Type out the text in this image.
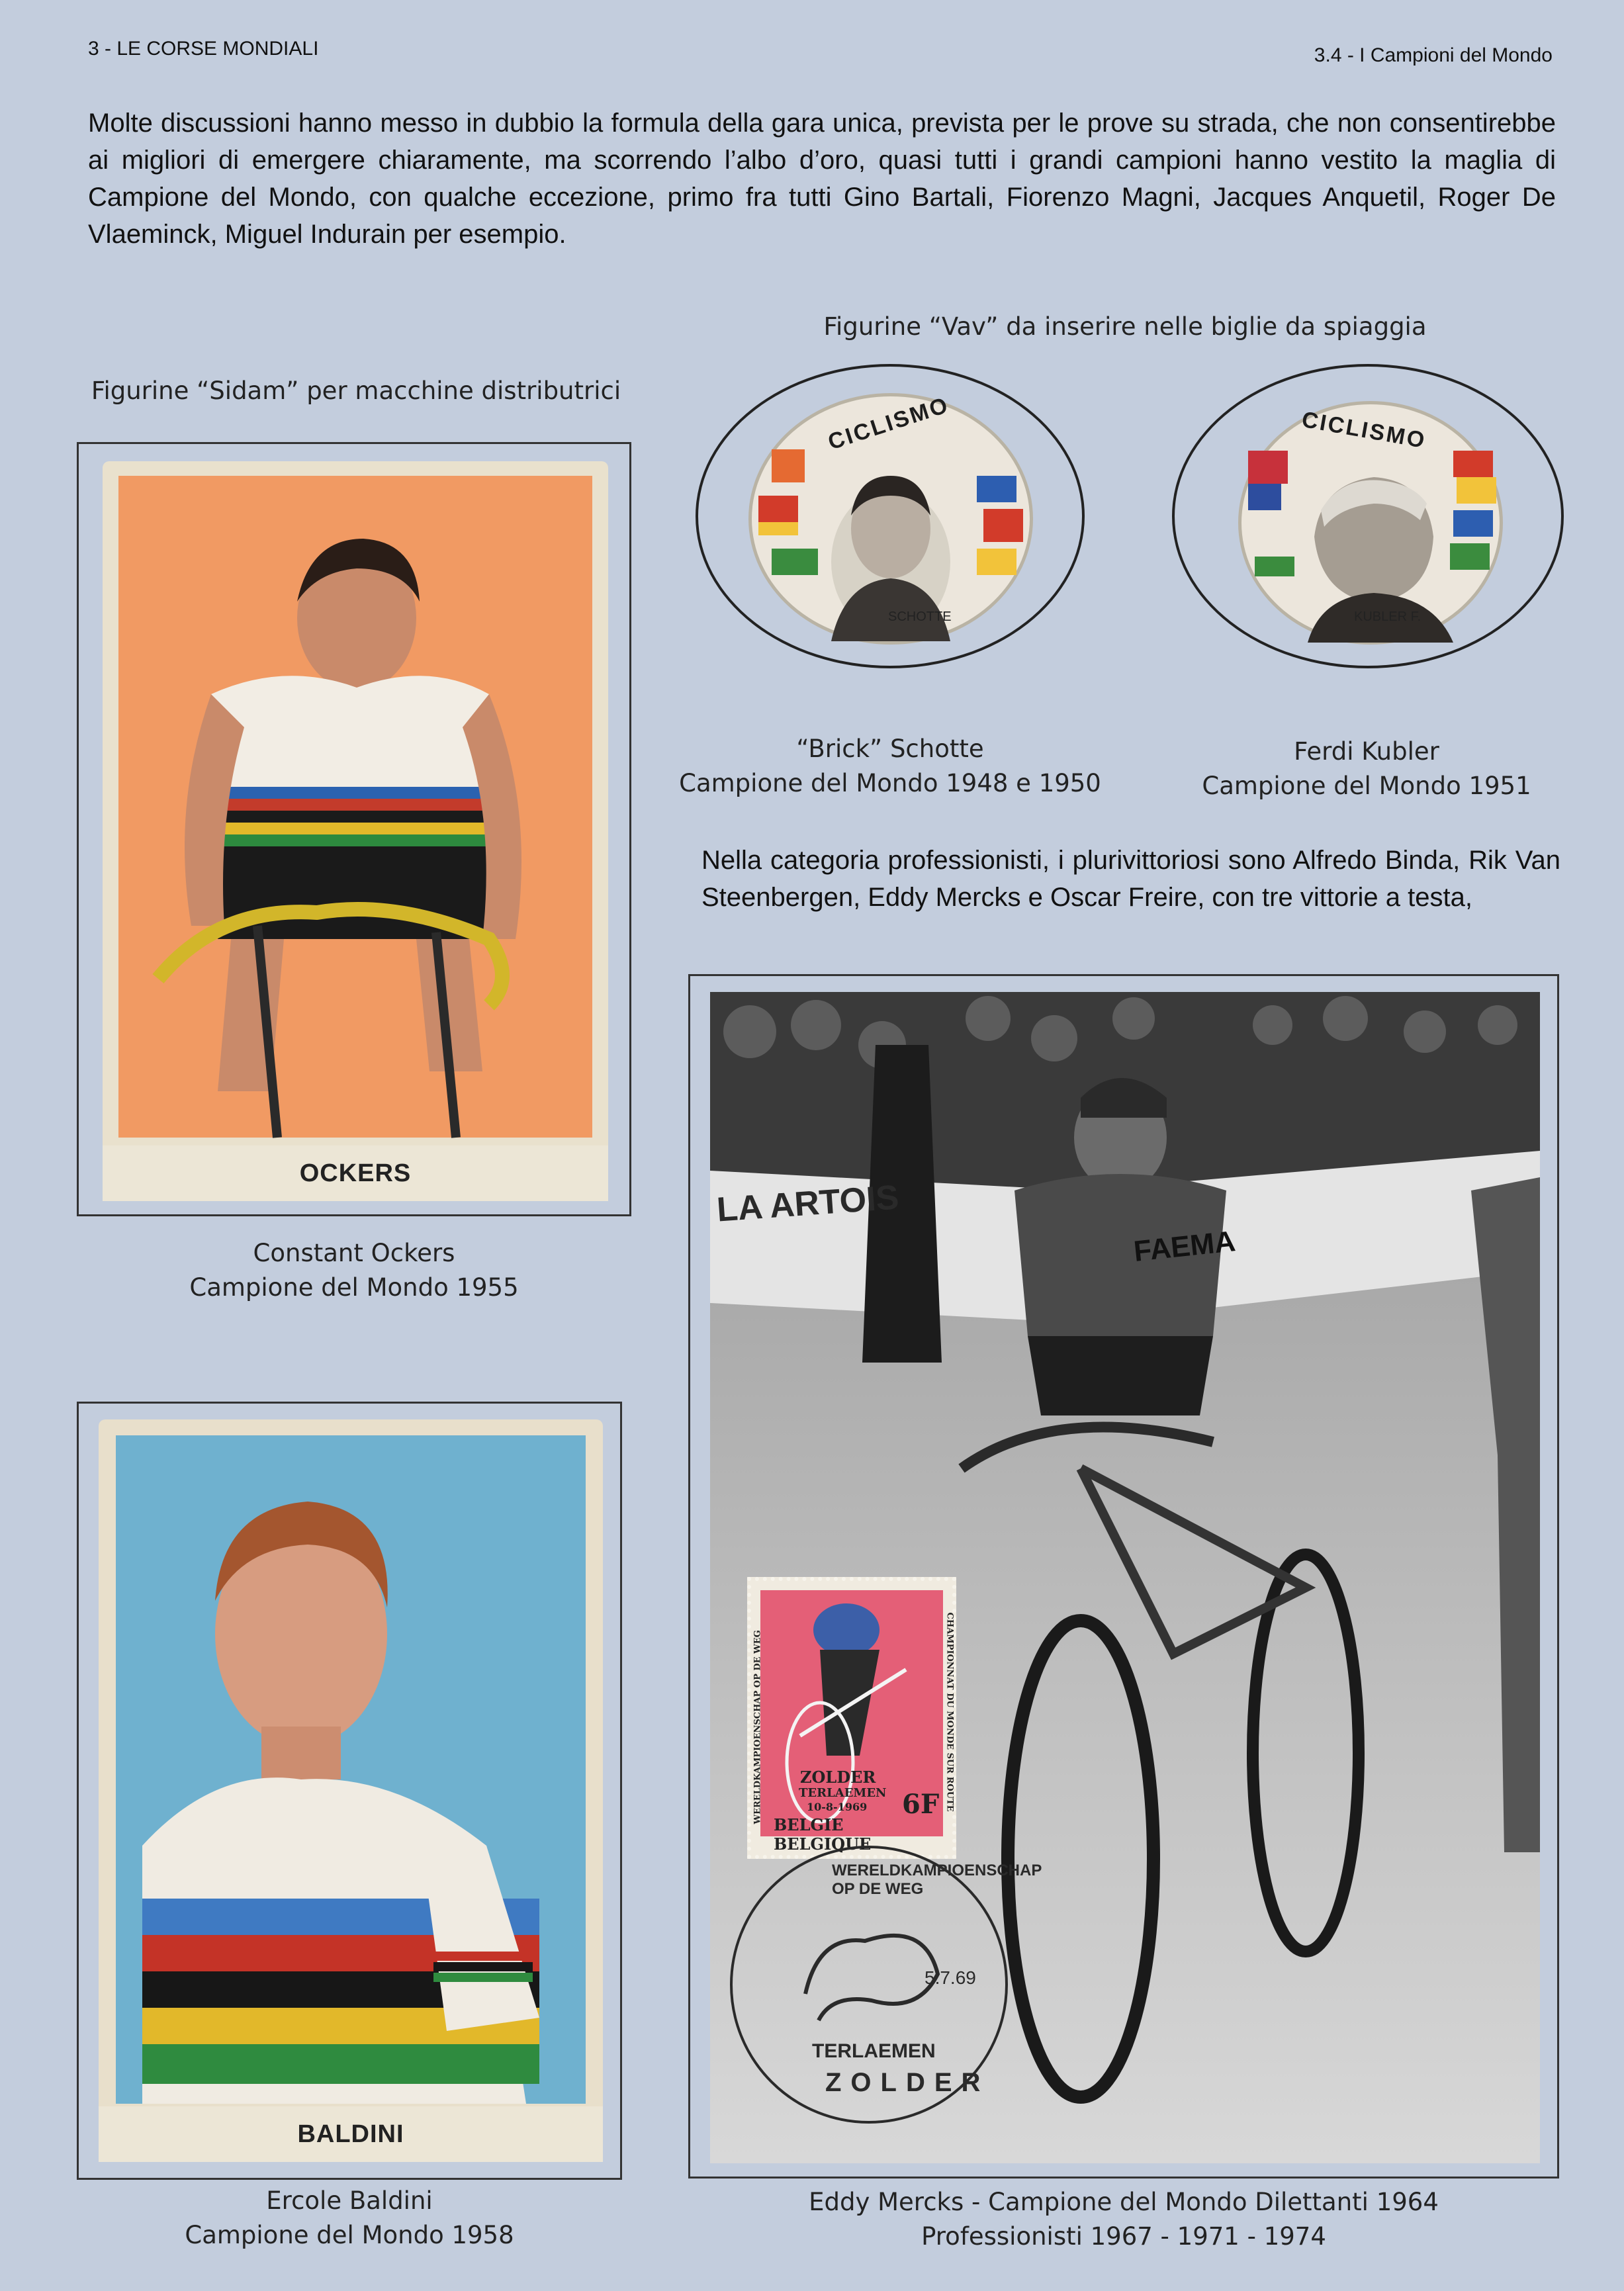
3 - LE CORSE MONDIALI	3.4 - I Campioni del Mondo
Molte discussioni hanno messo in dubbio la formula della gara unica, prevista per le prove su strada, che non consentirebbe ai migliori di emergere chiaramente, ma scorrendo l’albo d’oro, quasi tutti i grandi campioni hanno vestito la maglia di Campione del Mondo, con qualche eccezione, primo fra tutti Gino Bartali, Fiorenzo Magni, Jacques Anquetil, Roger De Vlaeminck, Miguel Indurain per esempio.
Figurine “Sidam” per macchine distributrici
OCKERS
Constant Ockers
Campione del Mondo 1955
BALDINI
Ercole Baldini
Campione del Mondo 1958
Figurine “Vav” da inserire nelle biglie da spiaggia
CICLISMO
SCHOTTE
“Brick” Schotte
Campione del Mondo 1948 e 1950
CICLISMO
KUBLER F.
Ferdi Kubler
Campione del Mondo 1951
Nella categoria professionisti, i plurivittoriosi sono Alfredo Binda, Rik Van Steenbergen, Eddy Mercks e Oscar Freire, con tre vittorie a testa,
LA ARTOIS
FAEMA
ZOLDER
TERLAEMEN
10-8-1969 6F
BELGIE BELGIQUE
WERELDKAMPIOENSCHAP OP DE WEG	CHAMPIONNAT DU MONDE SUR ROUTE
WERELDKAMPIOENSCHAP OP DE WEG
5.7.69
TERLAEMEN
ZOLDER
Eddy Mercks - Campione del Mondo Dilettanti 1964
Professionisti 1967 - 1971 - 1974
